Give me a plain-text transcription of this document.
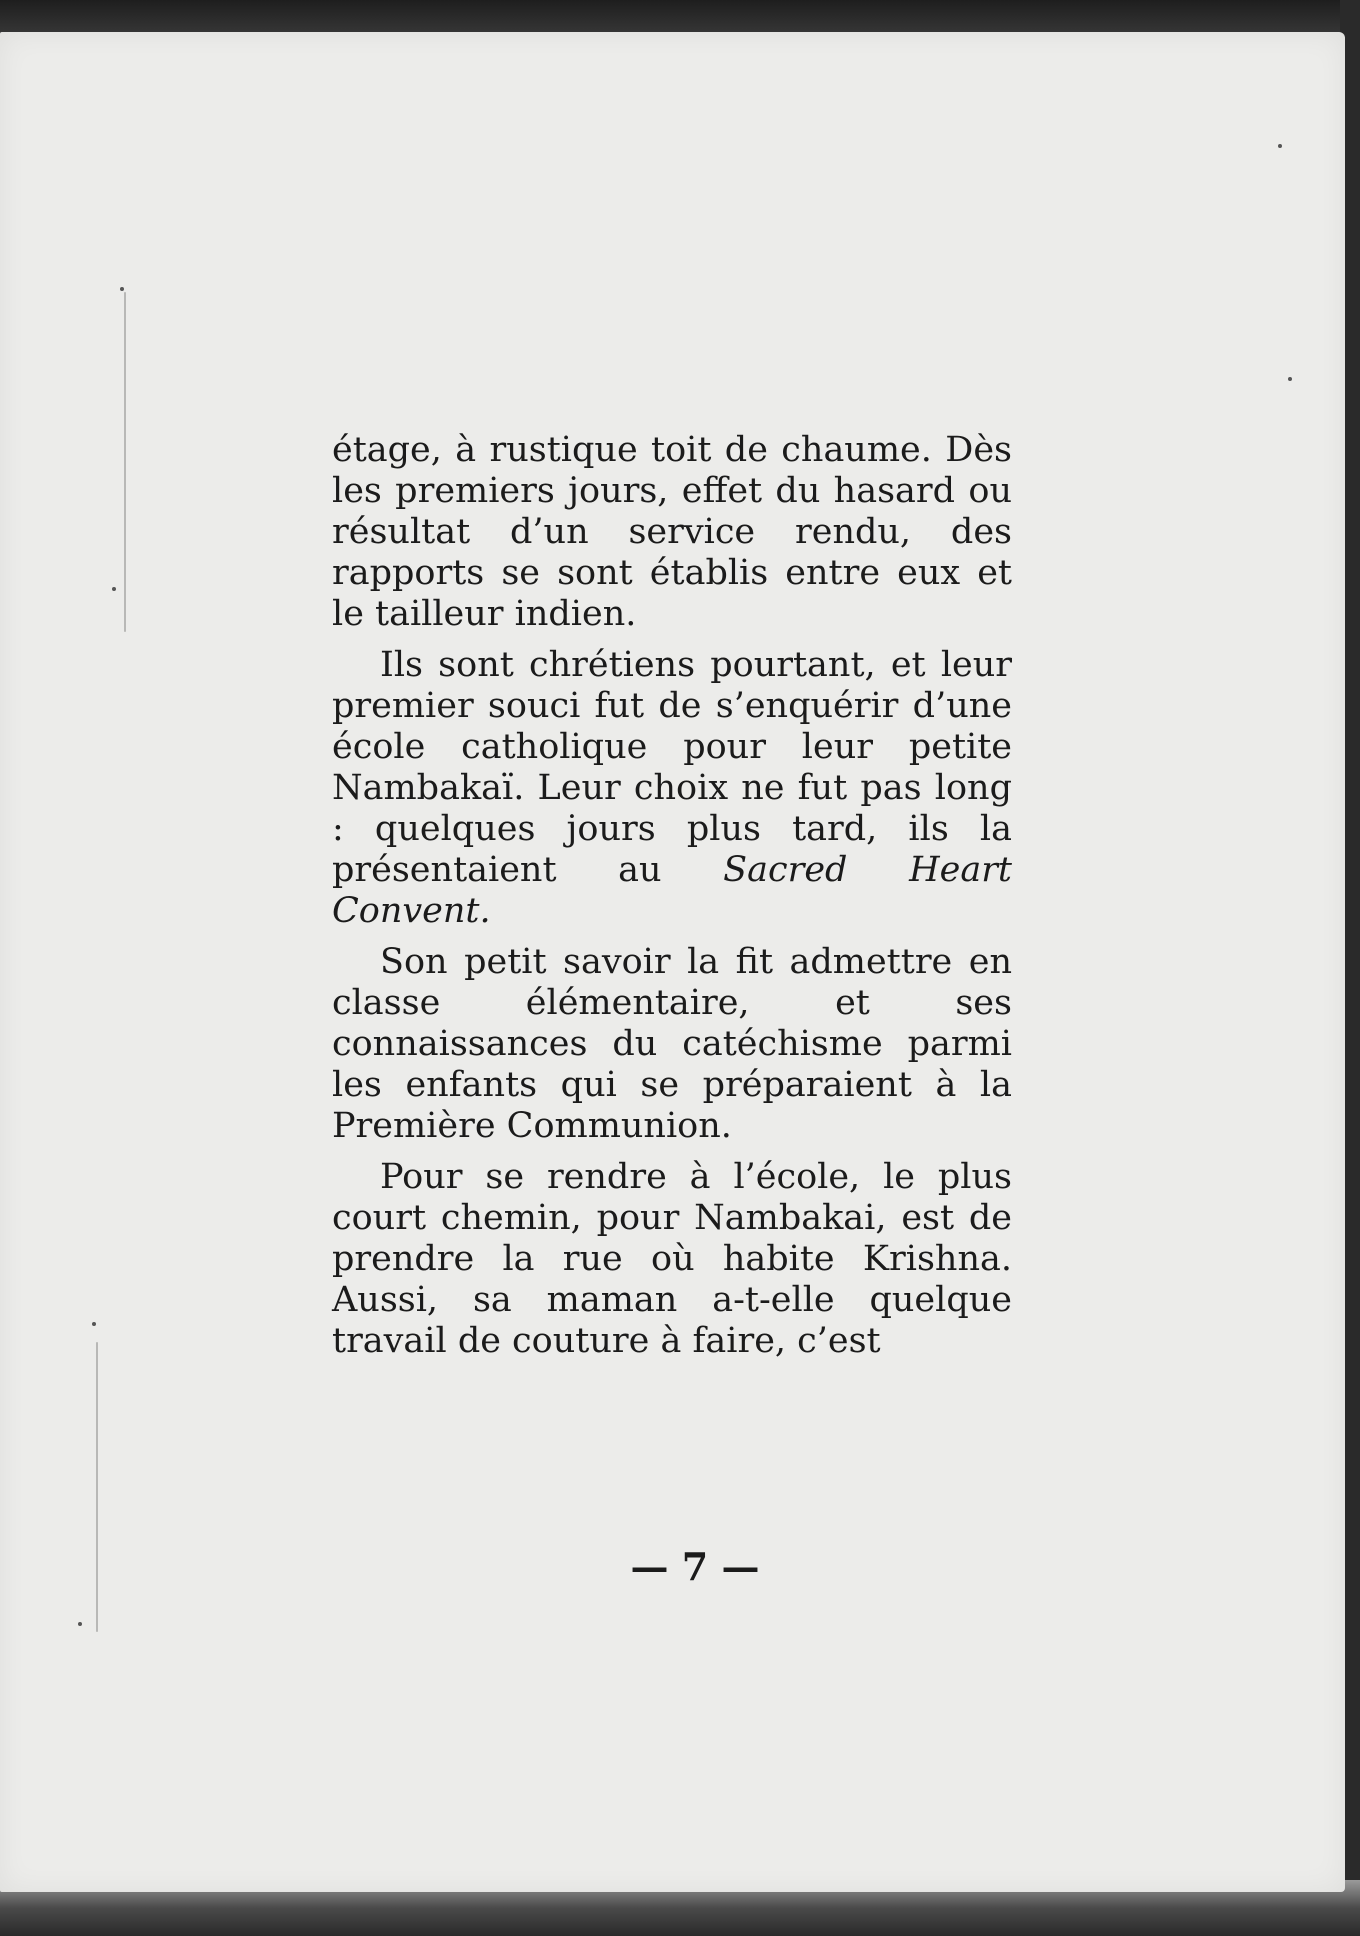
étage, à rustique toit de chaume. Dès les premiers jours, effet du hasard ou résultat d’un service rendu, des rapports se sont établis entre eux et le tailleur indien.

Ils sont chrétiens pourtant, et leur premier souci fut de s’enquérir d’une école catholique pour leur petite Nambakaï. Leur choix ne fut pas long : quelques jours plus tard, ils la présentaient au Sacred Heart Convent.

Son petit savoir la fit admettre en classe élémentaire, et ses connaissances du catéchisme parmi les enfants qui se préparaient à la Première Communion.

Pour se rendre à l’école, le plus court chemin, pour Nambakai, est de prendre la rue où habite Krishna. Aussi, sa maman a-t-elle quelque travail de couture à faire, c’est

— 7 —
